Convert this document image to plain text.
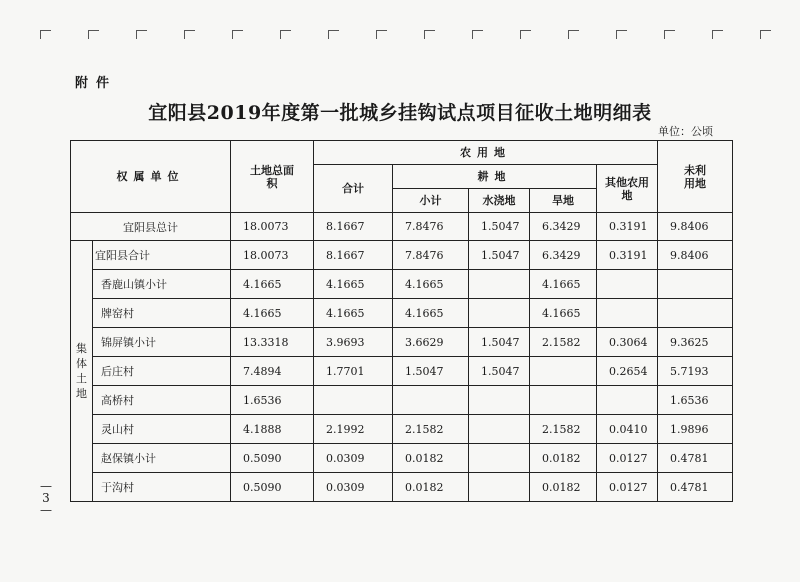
附件
宜阳县2019年度第一批城乡挂钩试点项目征收土地明细表
单位：公顷
权属单位		土地总面积	农用地					未利用地
			合计	耕地			其他农用地	
				小计	水浇地	旱地		
宜阳县总计		18.0073	8.1667	7.8476	1.5047	6.3429	0.3191	9.8406
集体土地	宜阳县合计	18.0073	8.1667	7.8476	1.5047	6.3429	0.3191	9.8406
	香鹿山镇小计	4.1665	4.1665	4.1665		4.1665		
	牌窑村	4.1665	4.1665	4.1665		4.1665		
	锦屏镇小计	13.3318	3.9693	3.6629	1.5047	2.1582	0.3064	9.3625
	后庄村	7.4894	1.7701	1.5047	1.5047		0.2654	5.7193
	高桥村	1.6536						1.6536
	灵山村	4.1888	2.1992	2.1582		2.1582	0.0410	1.9896
	赵保镇小计	0.5090	0.0309	0.0182		0.0182	0.0127	0.4781
	于沟村	0.5090	0.0309	0.0182		0.0182	0.0127	0.4781
—3—
